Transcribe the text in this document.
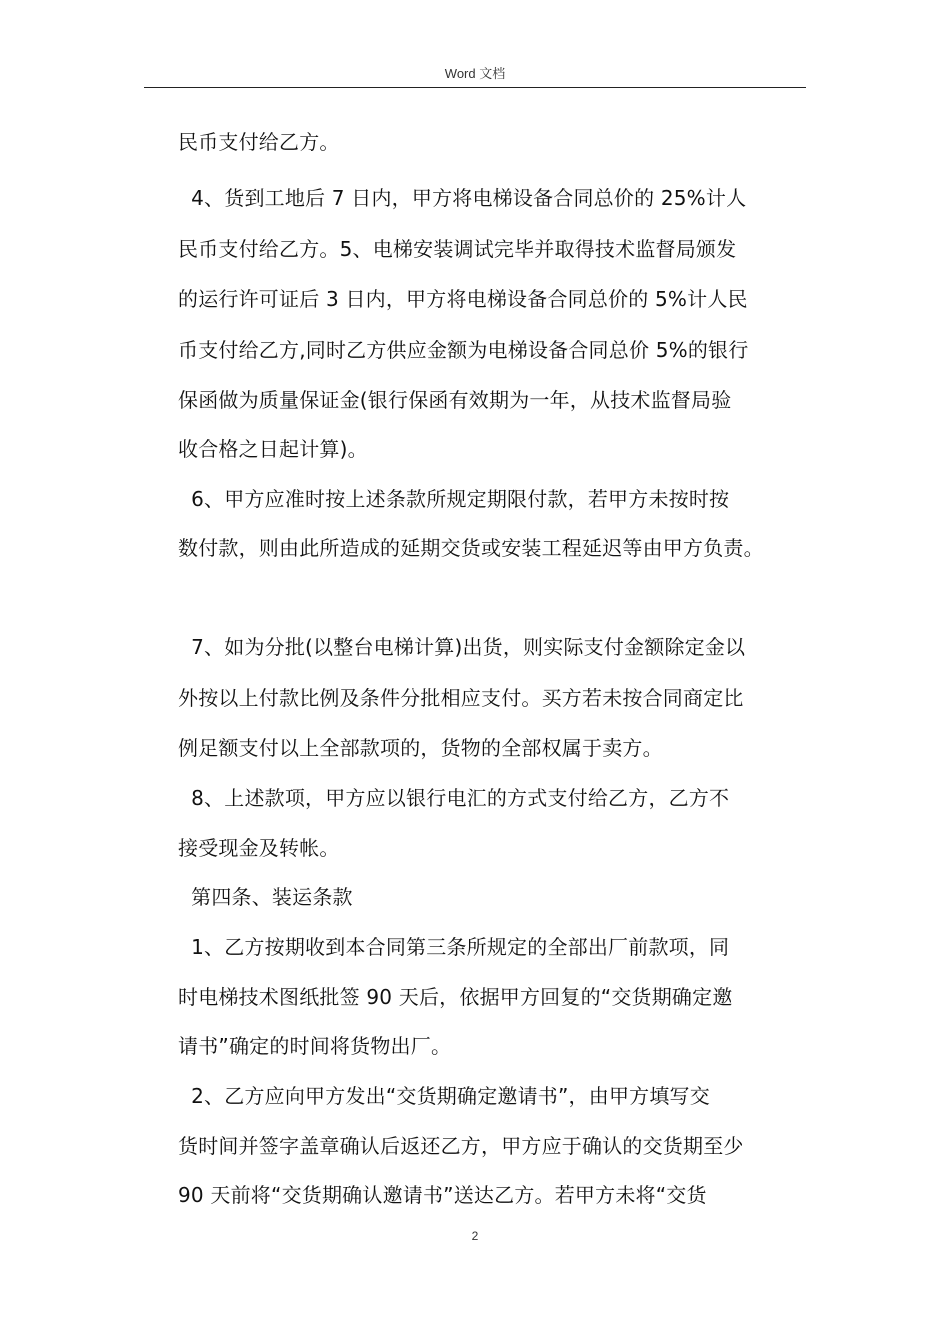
Word 文档
民币支付给乙方。
4、货到工地后 7 日内，甲方将电梯设备合同总价的 25%计人
民币支付给乙方。5、电梯安装调试完毕并取得技术监督局颁发
的运行许可证后 3 日内，甲方将电梯设备合同总价的 5%计人民
币支付给乙方,同时乙方供应金额为电梯设备合同总价 5%的银行
保函做为质量保证金(银行保函有效期为一年，从技术监督局验
收合格之日起计算)。
6、甲方应准时按上述条款所规定期限付款，若甲方未按时按
数付款，则由此所造成的延期交货或安装工程延迟等由甲方负责。
7、如为分批(以整台电梯计算)出货，则实际支付金额除定金以
外按以上付款比例及条件分批相应支付。买方若未按合同商定比
例足额支付以上全部款项的，货物的全部权属于卖方。
8、上述款项，甲方应以银行电汇的方式支付给乙方，乙方不
接受现金及转帐。
第四条、装运条款
1、乙方按期收到本合同第三条所规定的全部出厂前款项，同
时电梯技术图纸批签 90 天后，依据甲方回复的“交货期确定邀
请书”确定的时间将货物出厂。
2、乙方应向甲方发出“交货期确定邀请书”，由甲方填写交
货时间并签字盖章确认后返还乙方，甲方应于确认的交货期至少
90 天前将“交货期确认邀请书”送达乙方。若甲方未将“交货
2
